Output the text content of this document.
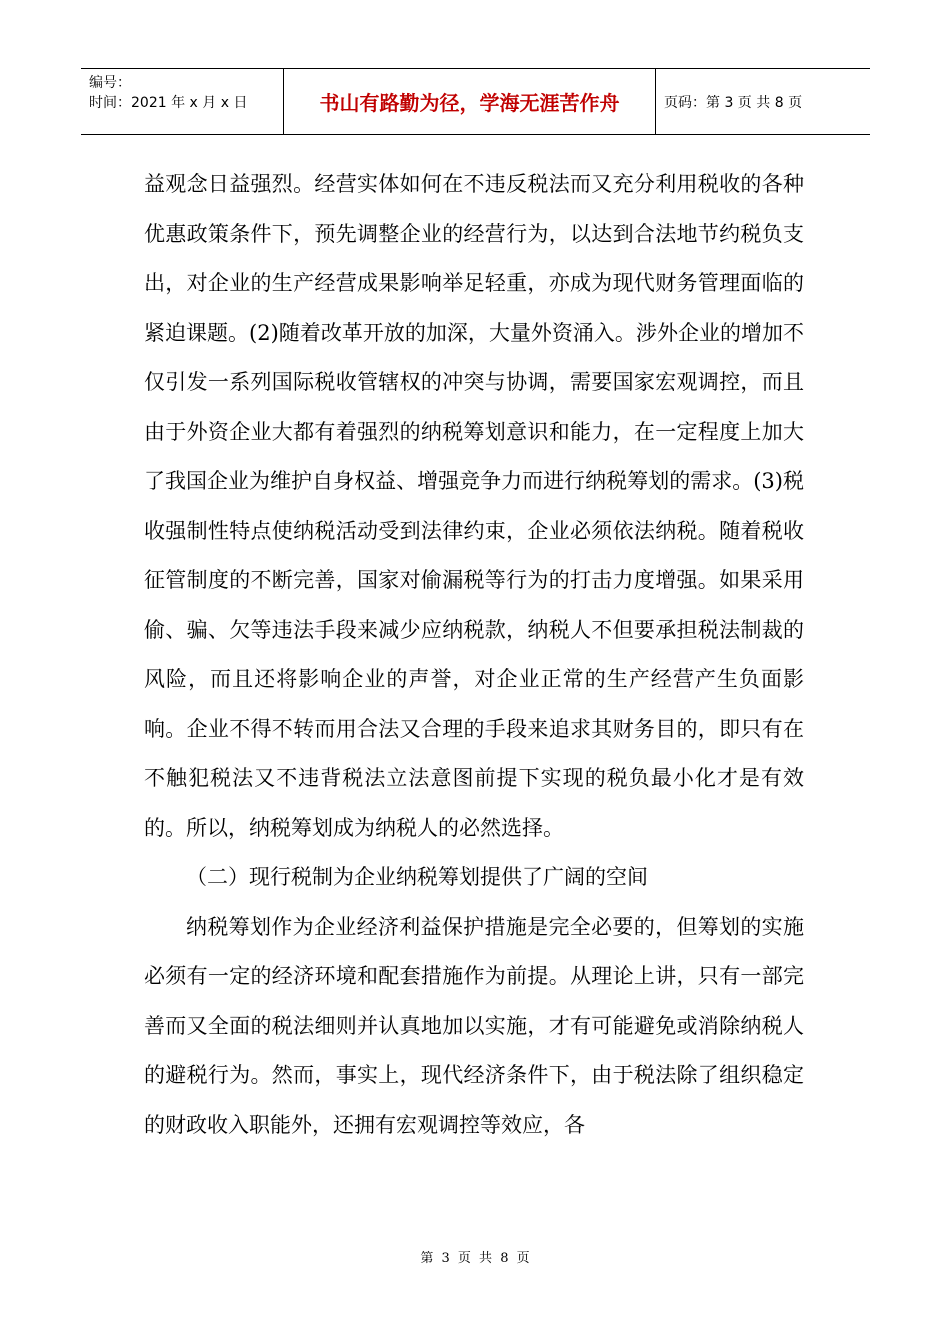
编号：
时间：2021 年 x 月 x 日	书山有路勤为径，学海无涯苦作舟	页码：第 3 页 共 8 页

益观念日益强烈。经营实体如何在不违反税法而又充分利用税收的各种优惠政策条件下，预先调整企业的经营行为，以达到合法地节约税负支出，对企业的生产经营成果影响举足轻重，亦成为现代财务管理面临的紧迫课题。(2)随着改革开放的加深，大量外资涌入。涉外企业的增加不仅引发一系列国际税收管辖权的冲突与协调，需要国家宏观调控，而且由于外资企业大都有着强烈的纳税筹划意识和能力，在一定程度上加大了我国企业为维护自身权益、增强竞争力而进行纳税筹划的需求。(3)税收强制性特点使纳税活动受到法律约束，企业必须依法纳税。随着税收征管制度的不断完善，国家对偷漏税等行为的打击力度增强。如果采用偷、骗、欠等违法手段来减少应纳税款，纳税人不但要承担税法制裁的风险，而且还将影响企业的声誉，对企业正常的生产经营产生负面影响。企业不得不转而用合法又合理的手段来追求其财务目的，即只有在不触犯税法又不违背税法立法意图前提下实现的税负最小化才是有效的。所以，纳税筹划成为纳税人的必然选择。

（二）现行税制为企业纳税筹划提供了广阔的空间

纳税筹划作为企业经济利益保护措施是完全必要的，但筹划的实施必须有一定的经济环境和配套措施作为前提。从理论上讲，只有一部完善而又全面的税法细则并认真地加以实施，才有可能避免或消除纳税人的避税行为。然而，事实上，现代经济条件下，由于税法除了组织稳定的财政收入职能外，还拥有宏观调控等效应，各

第 3 页 共 8 页
